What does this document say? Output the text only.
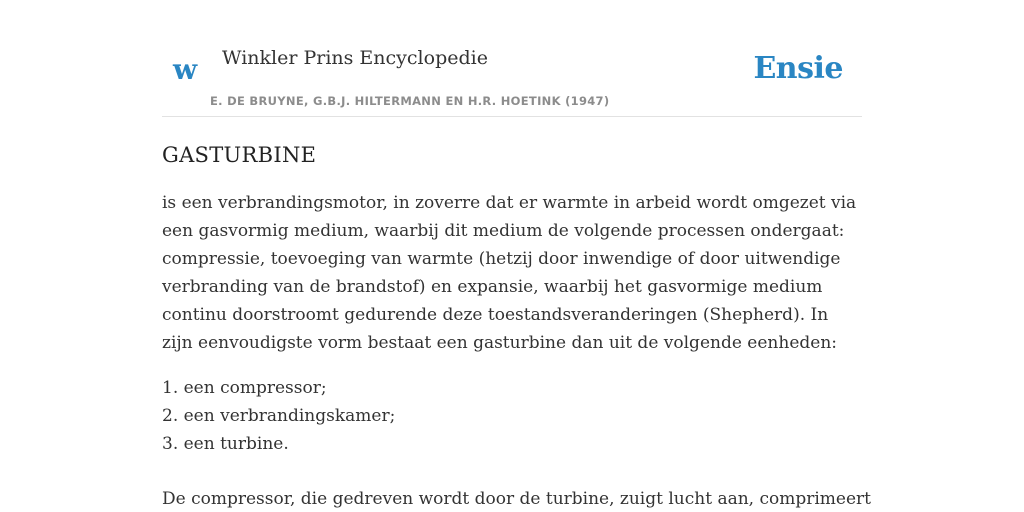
w Winkler Prins Encyclopedie
E. DE BRUYNE, G.B.J. HILTERMANN EN H.R. HOETINK (1947)
Ensie
GASTURBINE

is een verbrandingsmotor, in zoverre dat er warmte in arbeid wordt omgezet via een gasvormig medium, waarbij dit medium de volgende processen ondergaat: compressie, toevoeging van warmte (hetzij door inwendige of door uitwendige verbranding van de brandstof) en expansie, waarbij het gasvormige medium continu doorstroomt gedurende deze toestandsveranderingen (Shepherd). In zijn eenvoudigste vorm bestaat een gasturbine dan uit de volgende eenheden:

1. een compressor;
2. een verbrandingskamer;
3. een turbine.

De compressor, die gedreven wordt door de turbine, zuigt lucht aan, comprimeert
